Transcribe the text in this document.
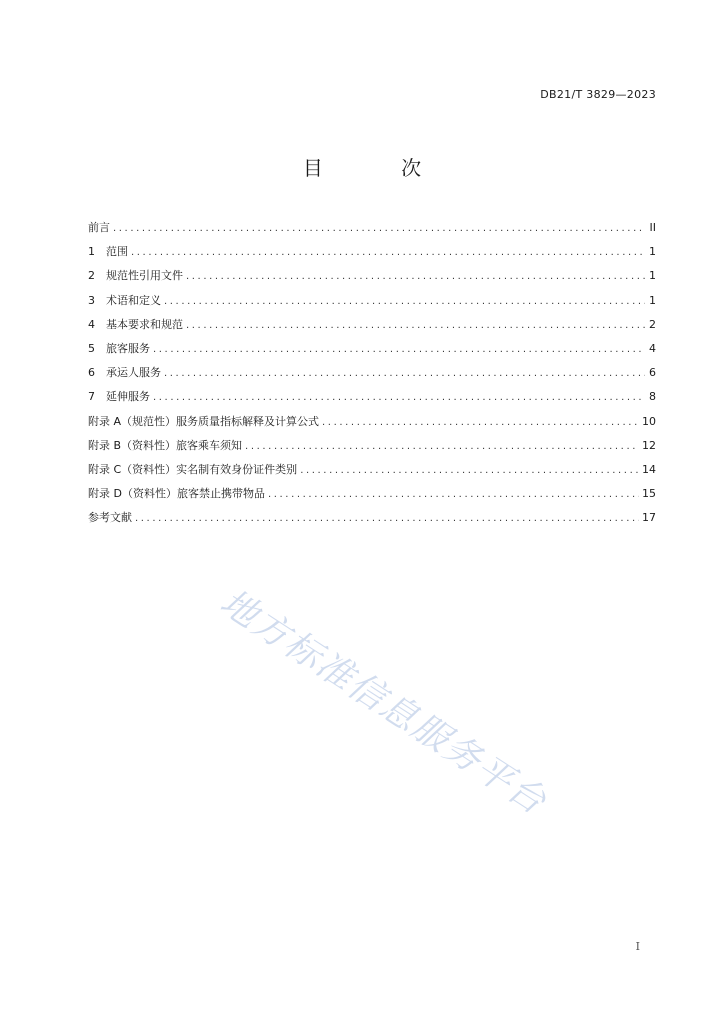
DB21/T 3829—2023
目 次
前言 .....	II
1	范围 .....	1
2	规范性引用文件 .....	1
3	术语和定义 .....	1
4	基本要求和规范 .....	2
5	旅客服务 .....	4
6	承运人服务 .....	6
7	延伸服务 .....	8
附录 A（规范性）服务质量指标解释及计算公式 .....	10
附录 B（资料性）旅客乘车须知 .....	12
附录 C（资料性）实名制有效身份证件类别 .....	14
附录 D（资料性）旅客禁止携带物品 .....	15
参考文献 .....	17
地方标准信息服务平台
I
